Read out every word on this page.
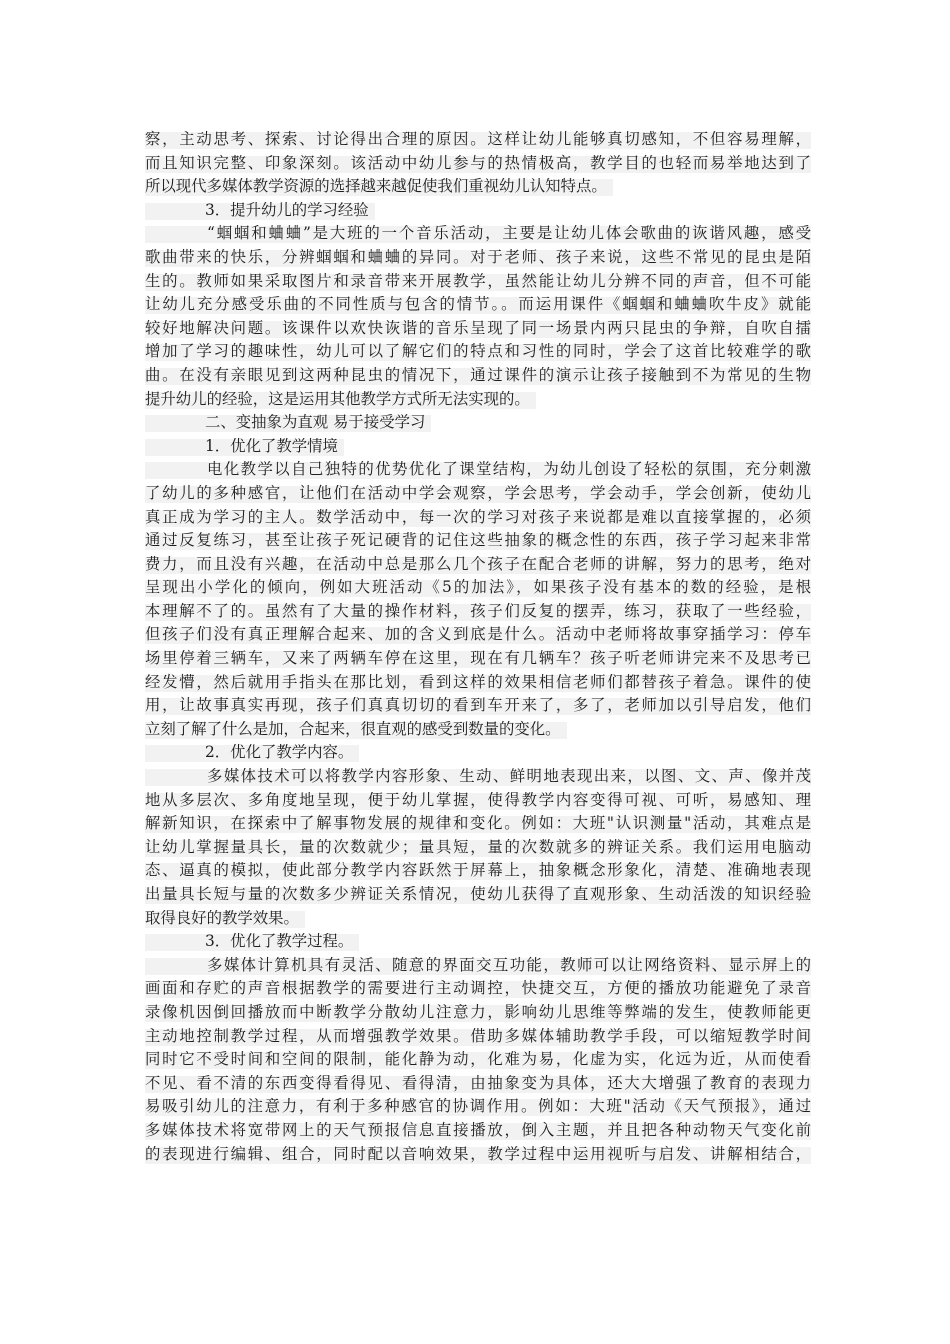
察，主动思考、探索、讨论得出合理的原因。这样让幼儿能够真切感知，不但容易理解，
而且知识完整、印象深刻。该活动中幼儿参与的热情极高，教学目的也轻而易举地达到了
所以现代多媒体教学资源的选择越来越促使我们重视幼儿认知特点。
3．提升幼儿的学习经验
“蝈蝈和蛐蛐”是大班的一个音乐活动，主要是让幼儿体会歌曲的诙谐风趣，感受
歌曲带来的快乐，分辨蝈蝈和蛐蛐的异同。对于老师、孩子来说，这些不常见的昆虫是陌
生的。教师如果采取图片和录音带来开展教学，虽然能让幼儿分辨不同的声音，但不可能
让幼儿充分感受乐曲的不同性质与包含的情节。。而运用课件《蝈蝈和蛐蛐吹牛皮》就能
较好地解决问题。该课件以欢快诙谐的音乐呈现了同一场景内两只昆虫的争辩，自吹自擂
增加了学习的趣味性，幼儿可以了解它们的特点和习性的同时，学会了这首比较难学的歌
曲。在没有亲眼见到这两种昆虫的情况下，通过课件的演示让孩子接触到不为常见的生物
提升幼儿的经验，这是运用其他教学方式所无法实现的。
二、变抽象为直观 易于接受学习
1．优化了教学情境
电化教学以自己独特的优势优化了课堂结构，为幼儿创设了轻松的氛围，充分刺激
了幼儿的多种感官，让他们在活动中学会观察，学会思考，学会动手，学会创新，使幼儿
真正成为学习的主人。数学活动中，每一次的学习对孩子来说都是难以直接掌握的，必须
通过反复练习，甚至让孩子死记硬背的记住这些抽象的概念性的东西，孩子学习起来非常
费力，而且没有兴趣，在活动中总是那么几个孩子在配合老师的讲解，努力的思考，绝对
呈现出小学化的倾向，例如大班活动《5的加法》，如果孩子没有基本的数的经验，是根
本理解不了的。虽然有了大量的操作材料，孩子们反复的摆弄，练习，获取了一些经验，
但孩子们没有真正理解合起来、加的含义到底是什么。活动中老师将故事穿插学习：停车
场里停着三辆车，又来了两辆车停在这里，现在有几辆车？孩子听老师讲完来不及思考已
经发懵，然后就用手指头在那比划，看到这样的效果相信老师们都替孩子着急。课件的使
用，让故事真实再现，孩子们真真切切的看到车开来了，多了，老师加以引导启发，他们
立刻了解了什么是加，合起来，很直观的感受到数量的变化。
2．优化了教学内容。
多媒体技术可以将教学内容形象、生动、鲜明地表现出来，以图、文、声、像并茂
地从多层次、多角度地呈现，便于幼儿掌握，使得教学内容变得可视、可听，易感知、理
解新知识，在探索中了解事物发展的规律和变化。例如：大班"认识测量"活动，其难点是
让幼儿掌握量具长，量的次数就少；量具短，量的次数就多的辨证关系。我们运用电脑动
态、逼真的模拟，使此部分教学内容跃然于屏幕上，抽象概念形象化，清楚、准确地表现
出量具长短与量的次数多少辨证关系情况，使幼儿获得了直观形象、生动活泼的知识经验
取得良好的教学效果。
3．优化了教学过程。
多媒体计算机具有灵活、随意的界面交互功能，教师可以让网络资料、显示屏上的
画面和存贮的声音根据教学的需要进行主动调控，快捷交互，方便的播放功能避免了录音
录像机因倒回播放而中断教学分散幼儿注意力，影响幼儿思维等弊端的发生，使教师能更
主动地控制教学过程，从而增强教学效果。借助多媒体辅助教学手段，可以缩短教学时间
同时它不受时间和空间的限制，能化静为动，化难为易，化虚为实，化远为近，从而使看
不见、看不清的东西变得看得见、看得清，由抽象变为具体，还大大增强了教育的表现力
易吸引幼儿的注意力，有利于多种感官的协调作用。例如：大班"活动《天气预报》，通过
多媒体技术将宽带网上的天气预报信息直接播放，倒入主题，并且把各种动物天气变化前
的表现进行编辑、组合，同时配以音响效果，教学过程中运用视听与启发、讲解相结合，
